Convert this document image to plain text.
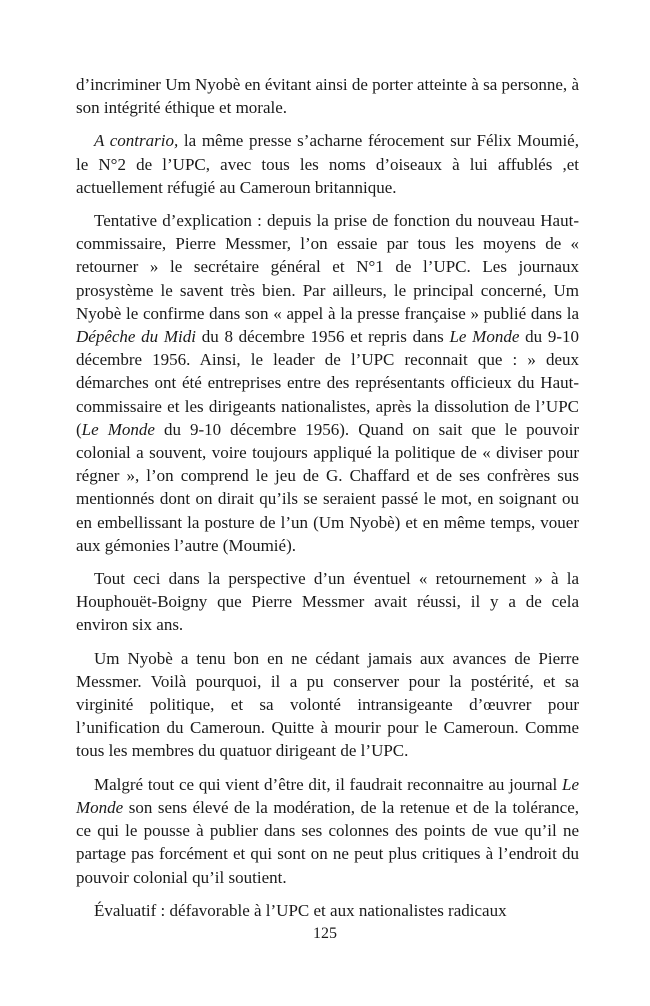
d’incriminer Um Nyobè en évitant ainsi de porter atteinte à sa personne, à son intégrité éthique et morale.

A contrario, la même presse s’acharne férocement sur Félix Moumié, le N°2 de l’UPC, avec tous les noms d’oiseaux à lui affublés ,et actuellement réfugié au Cameroun britannique.

Tentative d’explication : depuis la prise de fonction du nouveau Haut-commissaire, Pierre Messmer, l’on essaie par tous les moyens de « retourner » le secrétaire général et N°1 de l’UPC. Les journaux prosystème le savent très bien. Par ailleurs, le principal concerné, Um Nyobè le confirme dans son « appel à la presse française » publié dans la Dépêche du Midi du 8 décembre 1956 et repris dans Le Monde du 9-10 décembre 1956. Ainsi, le leader de l’UPC reconnait que : » deux démarches ont été entreprises entre des représentants officieux du Haut-commissaire et les dirigeants nationalistes, après la dissolution de l’UPC (Le Monde du 9-10 décembre 1956). Quand on sait que le pouvoir colonial a souvent, voire toujours appliqué la politique de « diviser pour régner », l’on comprend le jeu de G. Chaffard et de ses confrères sus mentionnés dont on dirait qu’ils se seraient passé le mot, en soignant ou en embellissant la posture de l’un (Um Nyobè) et en même temps, vouer aux gémonies l’autre (Moumié).

Tout ceci dans la perspective d’un éventuel « retournement » à la Houphouët-Boigny que Pierre Messmer avait réussi, il y a de cela environ six ans.

Um Nyobè a tenu bon en ne cédant jamais aux avances de Pierre Messmer. Voilà pourquoi, il a pu conserver pour la postérité, et sa virginité politique, et sa volonté intransigeante d’œuvrer pour l’unification du Cameroun. Quitte à mourir pour le Cameroun. Comme tous les membres du quatuor dirigeant de l’UPC.

Malgré tout ce qui vient d’être dit, il faudrait reconnaitre au journal Le Monde son sens élevé de la modération, de la retenue et de la tolérance, ce qui le pousse à publier dans ses colonnes des points de vue qu’il ne partage pas forcément et qui sont on ne peut plus critiques à l’endroit du pouvoir colonial qu’il soutient.

Évaluatif : défavorable à l’UPC et aux nationalistes radicaux

125
